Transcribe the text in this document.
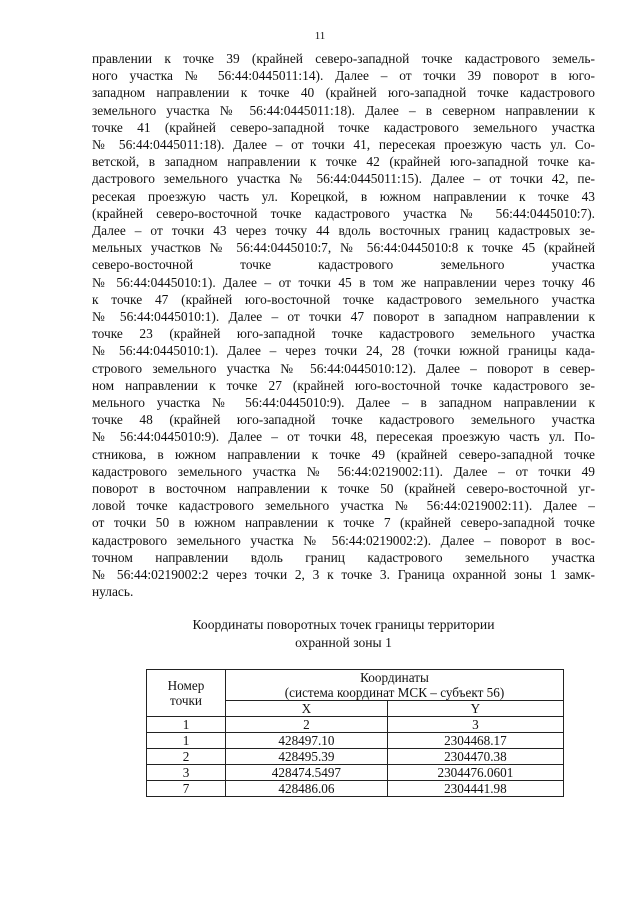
11
правлении к точке 39 (крайней северо-западной точке кадастрового земель-
ного участка № 56:44:0445011:14). Далее – от точки 39 поворот в юго-
западном направлении к точке 40 (крайней юго-западной точке кадастрового
земельного участка № 56:44:0445011:18). Далее – в северном направлении к
точке 41 (крайней северо-западной точке кадастрового земельного участка
№ 56:44:0445011:18). Далее – от точки 41, пересекая проезжую часть ул. Со-
ветской, в западном направлении к точке 42 (крайней юго-западной точке ка-
дастрового земельного участка № 56:44:0445011:15). Далее – от точки 42, пе-
ресекая проезжую часть ул. Корецкой, в южном направлении к точке 43
(крайней северо-восточной точке кадастрового участка № 56:44:0445010:7).
Далее – от точки 43 через точку 44 вдоль восточных границ кадастровых зе-
мельных участков № 56:44:0445010:7, № 56:44:0445010:8 к точке 45 (крайней
северо-восточной точке кадастрового земельного участка
№ 56:44:0445010:1). Далее – от точки 45 в том же направлении через точку 46
к точке 47 (крайней юго-восточной точке кадастрового земельного участка
№ 56:44:0445010:1). Далее – от точки 47 поворот в западном направлении к
точке 23 (крайней юго-западной точке кадастрового земельного участка
№ 56:44:0445010:1). Далее – через точки 24, 28 (точки южной границы када-
стрового земельного участка № 56:44:0445010:12). Далее – поворот в север-
ном направлении к точке 27 (крайней юго-восточной точке кадастрового зе-
мельного участка № 56:44:0445010:9). Далее – в западном направлении к
точке 48 (крайней юго-западной точке кадастрового земельного участка
№ 56:44:0445010:9). Далее – от точки 48, пересекая проезжую часть ул. По-
стникова, в южном направлении к точке 49 (крайней северо-западной точке
кадастрового земельного участка № 56:44:0219002:11). Далее – от точки 49
поворот в восточном направлении к точке 50 (крайней северо-восточной уг-
ловой точке кадастрового земельного участка № 56:44:0219002:11). Далее –
от точки 50 в южном направлении к точке 7 (крайней северо-западной точке
кадастрового земельного участка № 56:44:0219002:2). Далее – поворот в вос-
точном направлении вдоль границ кадастрового земельного участка
№ 56:44:0219002:2 через точки 2, 3 к точке 3. Граница охранной зоны 1 замк-
нулась.
Координаты поворотных точек границы территории
охранной зоны 1
Номер
точки	Координаты
(система координат МСК – субъект 56)	

	X	Y
1	2	3
1	428497.10	2304468.17
2	428495.39	2304470.38
3	428474.5497	2304476.0601
7	428486.06	2304441.98
